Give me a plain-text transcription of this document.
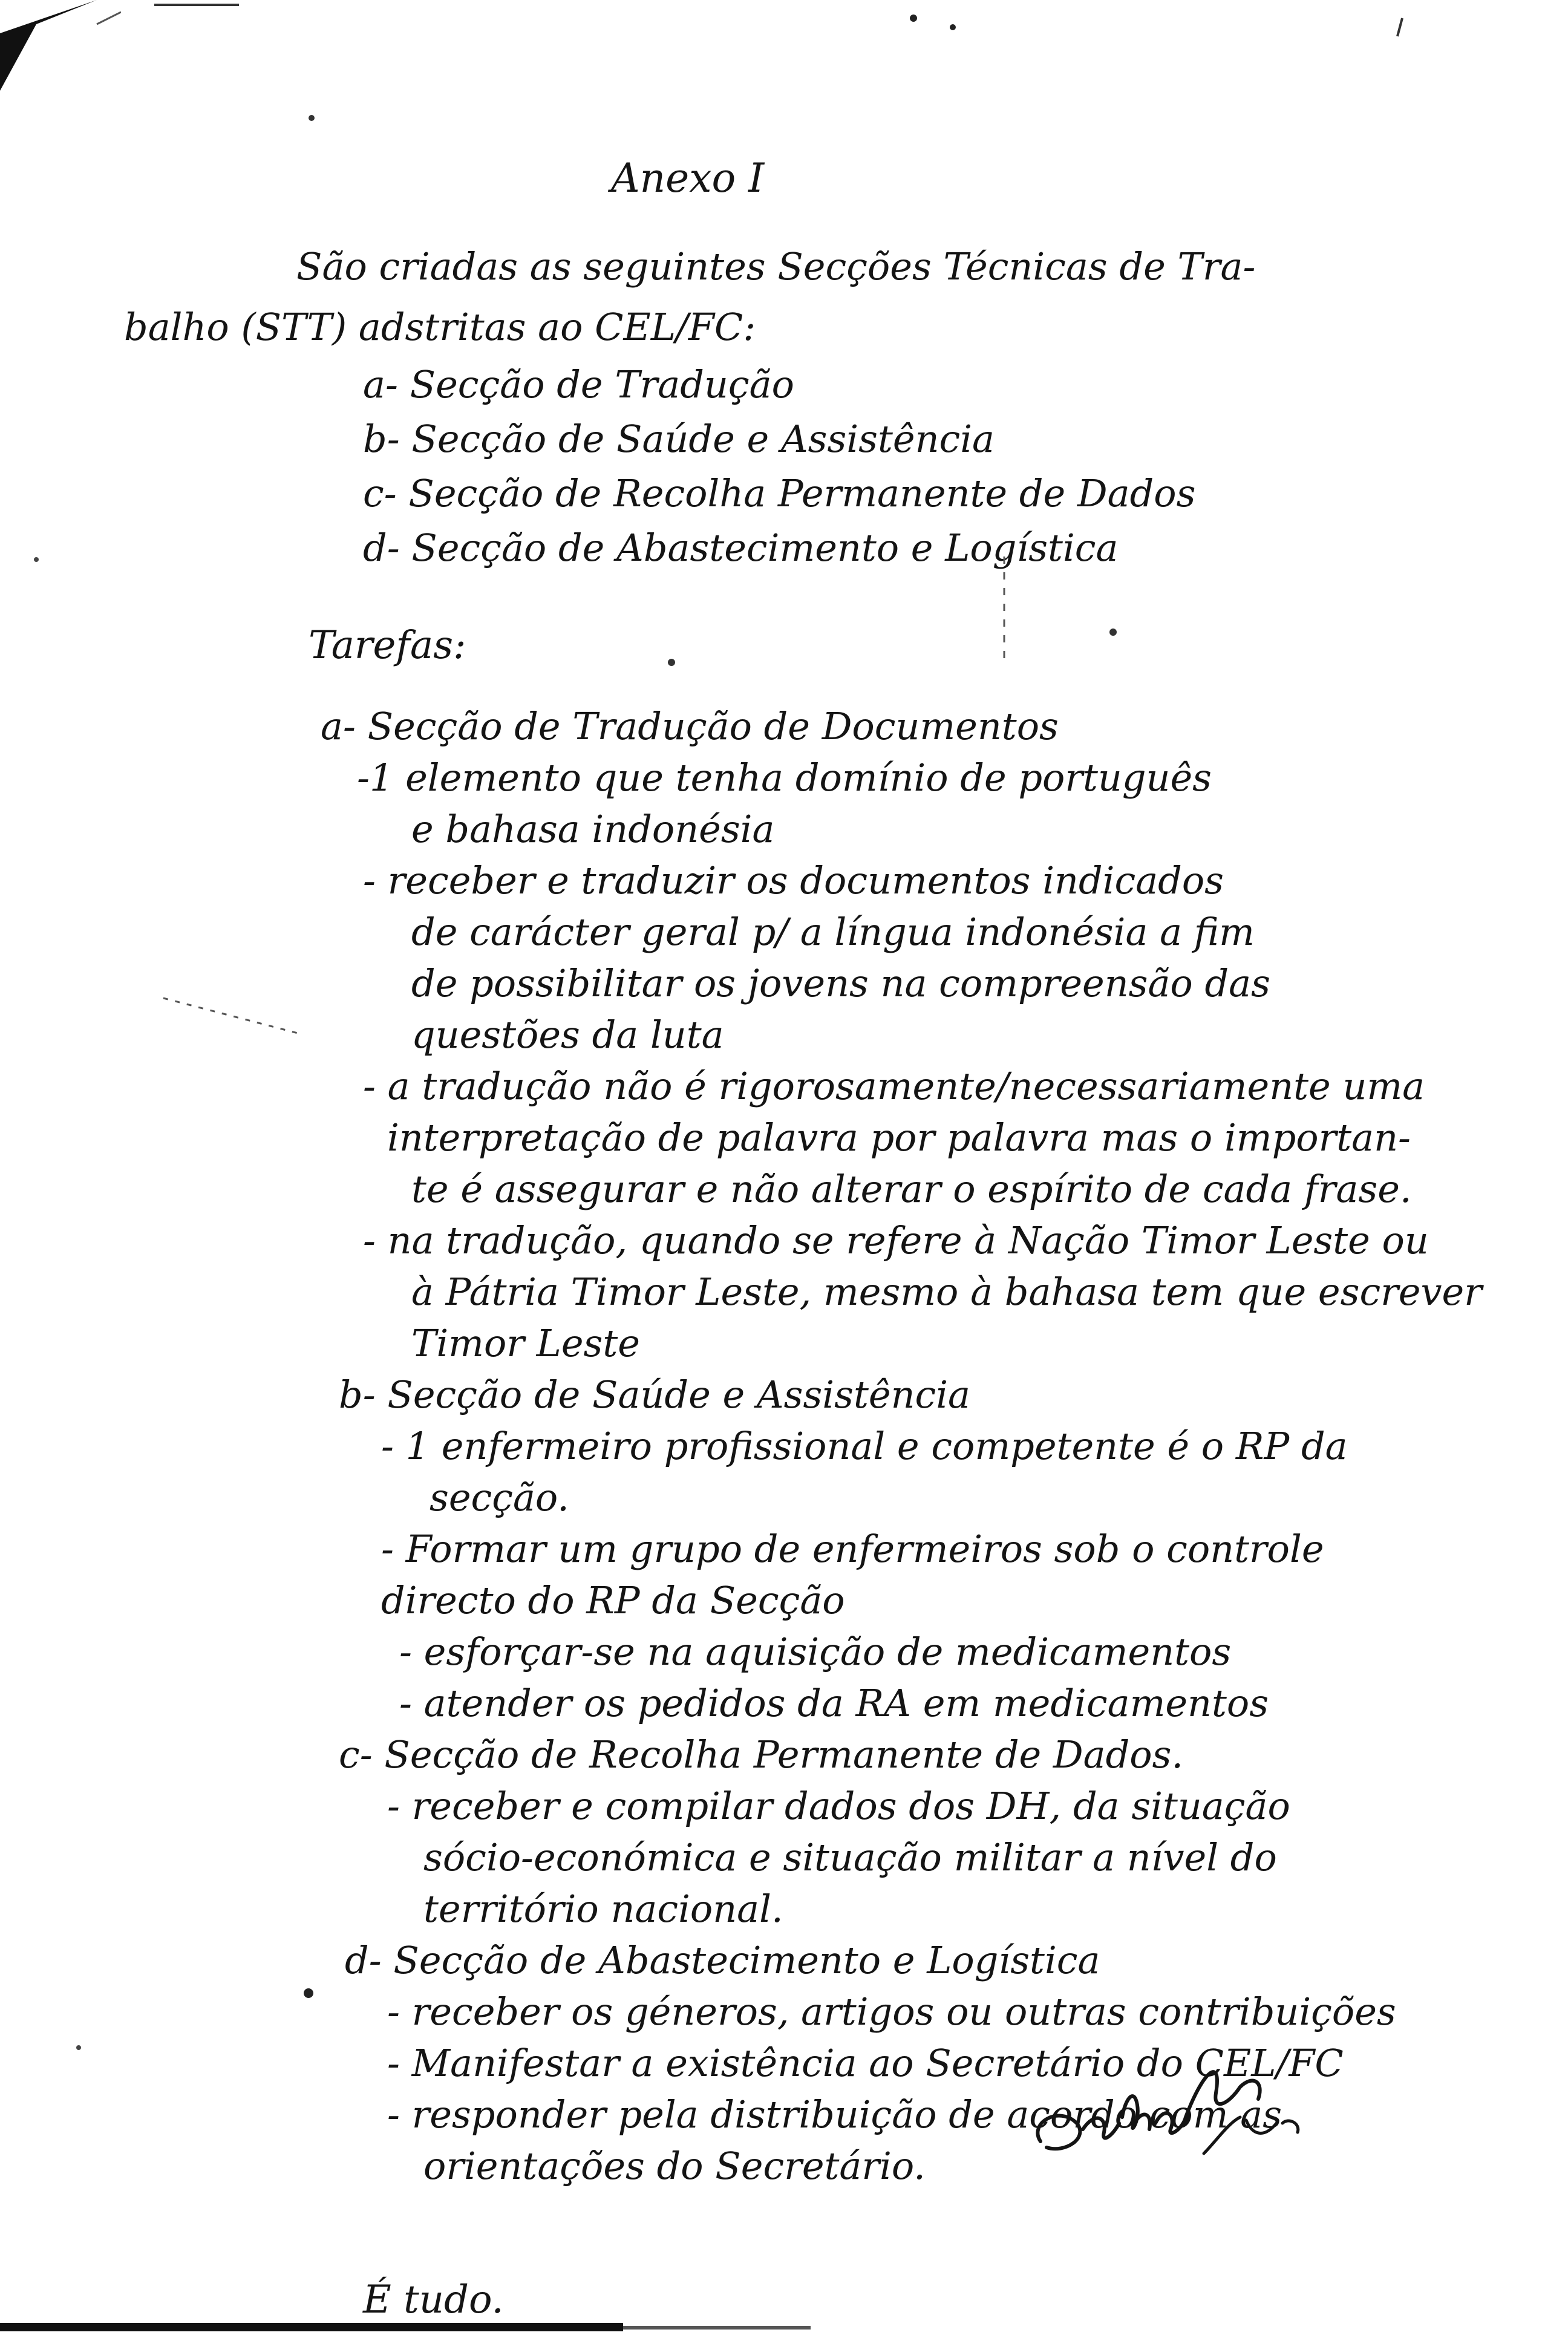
Anexo I
São criadas as seguintes Secções Técnicas de Tra-
balho (STT) adstritas ao CEL/FC:
a- Secção de Tradução
b- Secção de Saúde e Assistência
c- Secção de Recolha Permanente de Dados
d- Secção de Abastecimento e Logística
Tarefas:
a- Secção de Tradução de Documentos
-1 elemento que tenha domínio de português
e bahasa indonésia
- receber e traduzir os documentos indicados
de carácter geral p/ a língua indonésia a fim
de possibilitar os jovens na compreensão das
questões da luta
- a tradução não é rigorosamente/necessariamente uma
interpretação de palavra por palavra mas o importan-
te é assegurar e não alterar o espírito de cada frase.
- na tradução, quando se refere à Nação Timor Leste ou
à Pátria Timor Leste, mesmo à bahasa tem que escrever
Timor Leste
b- Secção de Saúde e Assistência
- 1 enfermeiro profissional e competente é o RP da
secção.
- Formar um grupo de enfermeiros sob o controle
directo do RP da Secção
- esforçar-se na aquisição de medicamentos
- atender os pedidos da RA em medicamentos
c- Secção de Recolha Permanente de Dados.
- receber e compilar dados dos DH, da situação
sócio-económica e situação militar a nível do
território nacional.
d- Secção de Abastecimento e Logística
- receber os géneros, artigos ou outras contribuições
- Manifestar a existência ao Secretário do CEL/FC
- responder pela distribuição de acordo com as
orientações do Secretário.
É tudo.
